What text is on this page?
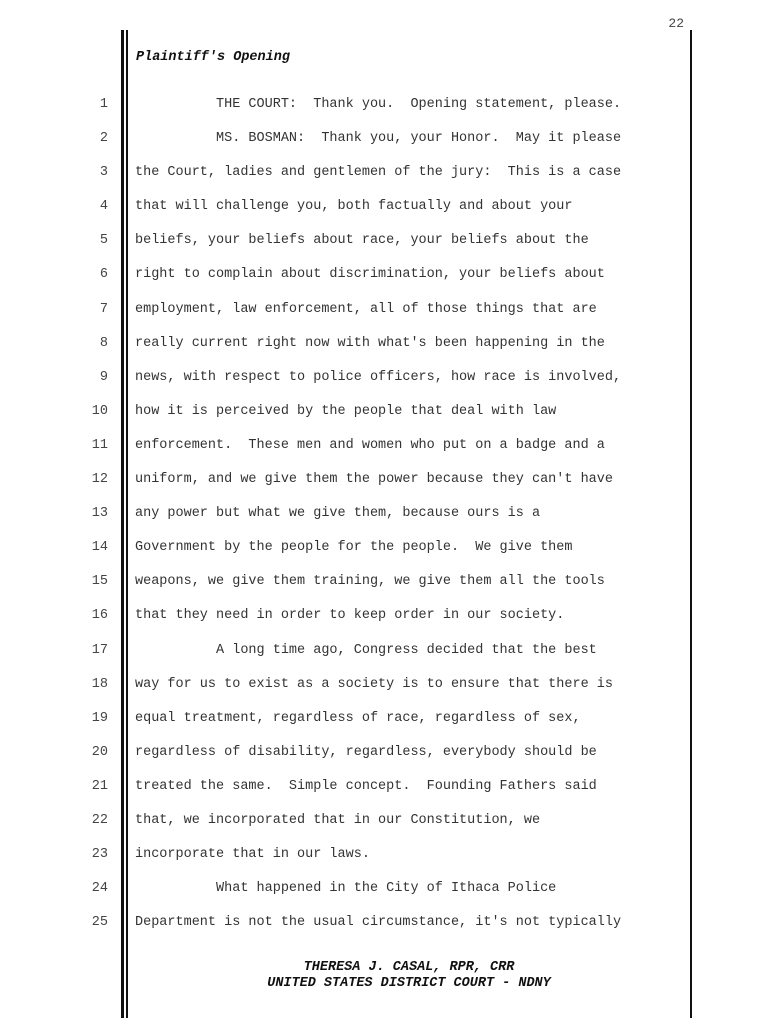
22
Plaintiff's Opening
1 THE COURT:  Thank you.  Opening statement, please.
2 MS. BOSMAN:  Thank you, your Honor.  May it please
3 the Court, ladies and gentlemen of the jury:  This is a case
4 that will challenge you, both factually and about your
5 beliefs, your beliefs about race, your beliefs about the
6 right to complain about discrimination, your beliefs about
7 employment, law enforcement, all of those things that are
8 really current right now with what's been happening in the
9 news, with respect to police officers, how race is involved,
10 how it is perceived by the people that deal with law
11 enforcement.  These men and women who put on a badge and a
12 uniform, and we give them the power because they can't have
13 any power but what we give them, because ours is a
14 Government by the people for the people.  We give them
15 weapons, we give them training, we give them all the tools
16 that they need in order to keep order in our society.
17 A long time ago, Congress decided that the best
18 way for us to exist as a society is to ensure that there is
19 equal treatment, regardless of race, regardless of sex,
20 regardless of disability, regardless, everybody should be
21 treated the same.  Simple concept.  Founding Fathers said
22 that, we incorporated that in our Constitution, we
23 incorporate that in our laws.
24 What happened in the City of Ithaca Police
25 Department is not the usual circumstance, it's not typically
THERESA J. CASAL, RPR, CRR
UNITED STATES DISTRICT COURT - NDNY
